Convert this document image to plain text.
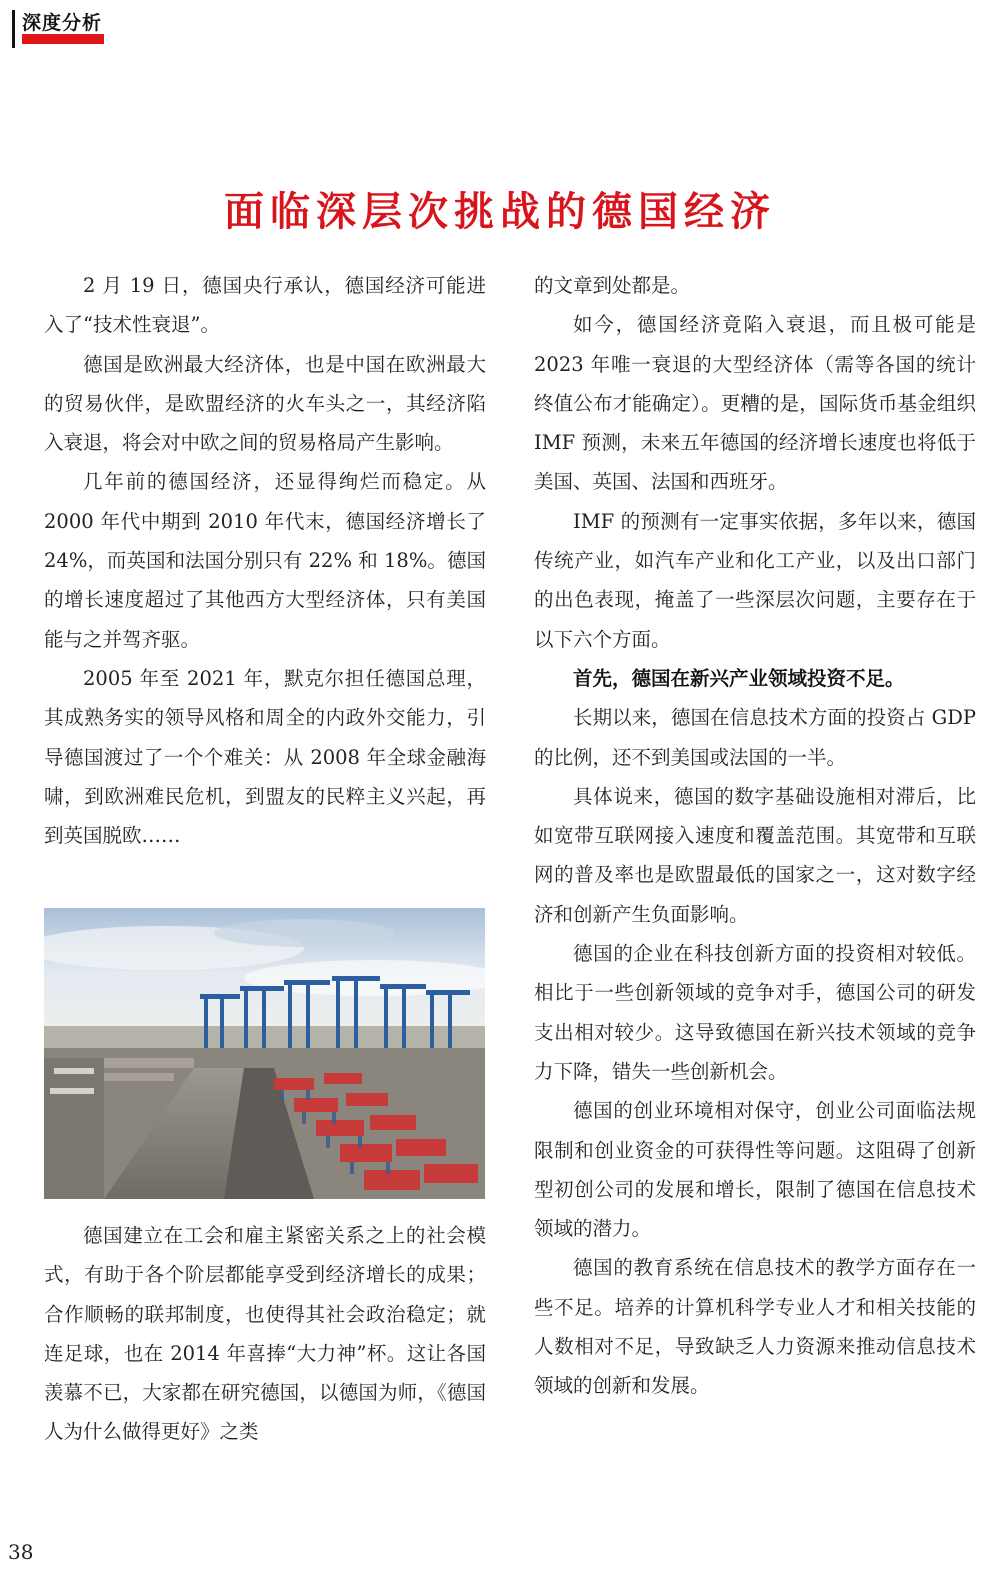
深度分析
面临深层次挑战的德国经济

2 月 19 日，德国央行承认，德国经济可能进入了“技术性衰退”。

德国是欧洲最大经济体，也是中国在欧洲最大的贸易伙伴，是欧盟经济的火车头之一，其经济陷入衰退，将会对中欧之间的贸易格局产生影响。

几年前的德国经济，还显得绚烂而稳定。从 2000 年代中期到 2010 年代末，德国经济增长了 24%，而英国和法国分别只有 22% 和 18%。德国的增长速度超过了其他西方大型经济体，只有美国能与之并驾齐驱。

2005 年至 2021 年，默克尔担任德国总理，其成熟务实的领导风格和周全的内政外交能力，引导德国渡过了一个个难关：从 2008 年全球金融海啸，到欧洲难民危机，到盟友的民粹主义兴起，再到英国脱欧……

德国建立在工会和雇主紧密关系之上的社会模式，有助于各个阶层都能享受到经济增长的成果；合作顺畅的联邦制度，也使得其社会政治稳定；就连足球，也在 2014 年喜捧“大力神”杯。这让各国羡慕不已，大家都在研究德国，以德国为师，《德国人为什么做得更好》之类

的文章到处都是。

如今，德国经济竟陷入衰退，而且极可能是 2023 年唯一衰退的大型经济体（需等各国的统计终值公布才能确定）。更糟的是，国际货币基金组织 IMF 预测，未来五年德国的经济增长速度也将低于美国、英国、法国和西班牙。

IMF 的预测有一定事实依据，多年以来，德国传统产业，如汽车产业和化工产业，以及出口部门的出色表现，掩盖了一些深层次问题，主要存在于以下六个方面。

首先，德国在新兴产业领域投资不足。

长期以来，德国在信息技术方面的投资占 GDP 的比例，还不到美国或法国的一半。

具体说来，德国的数字基础设施相对滞后，比如宽带互联网接入速度和覆盖范围。其宽带和互联网的普及率也是欧盟最低的国家之一，这对数字经济和创新产生负面影响。

德国的企业在科技创新方面的投资相对较低。相比于一些创新领域的竞争对手，德国公司的研发支出相对较少。这导致德国在新兴技术领域的竞争力下降，错失一些创新机会。

德国的创业环境相对保守，创业公司面临法规限制和创业资金的可获得性等问题。这阻碍了创新型初创公司的发展和增长，限制了德国在信息技术领域的潜力。

德国的教育系统在信息技术的教学方面存在一些不足。培养的计算机科学专业人才和相关技能的人数相对不足，导致缺乏人力资源来推动信息技术领域的创新和发展。

38
